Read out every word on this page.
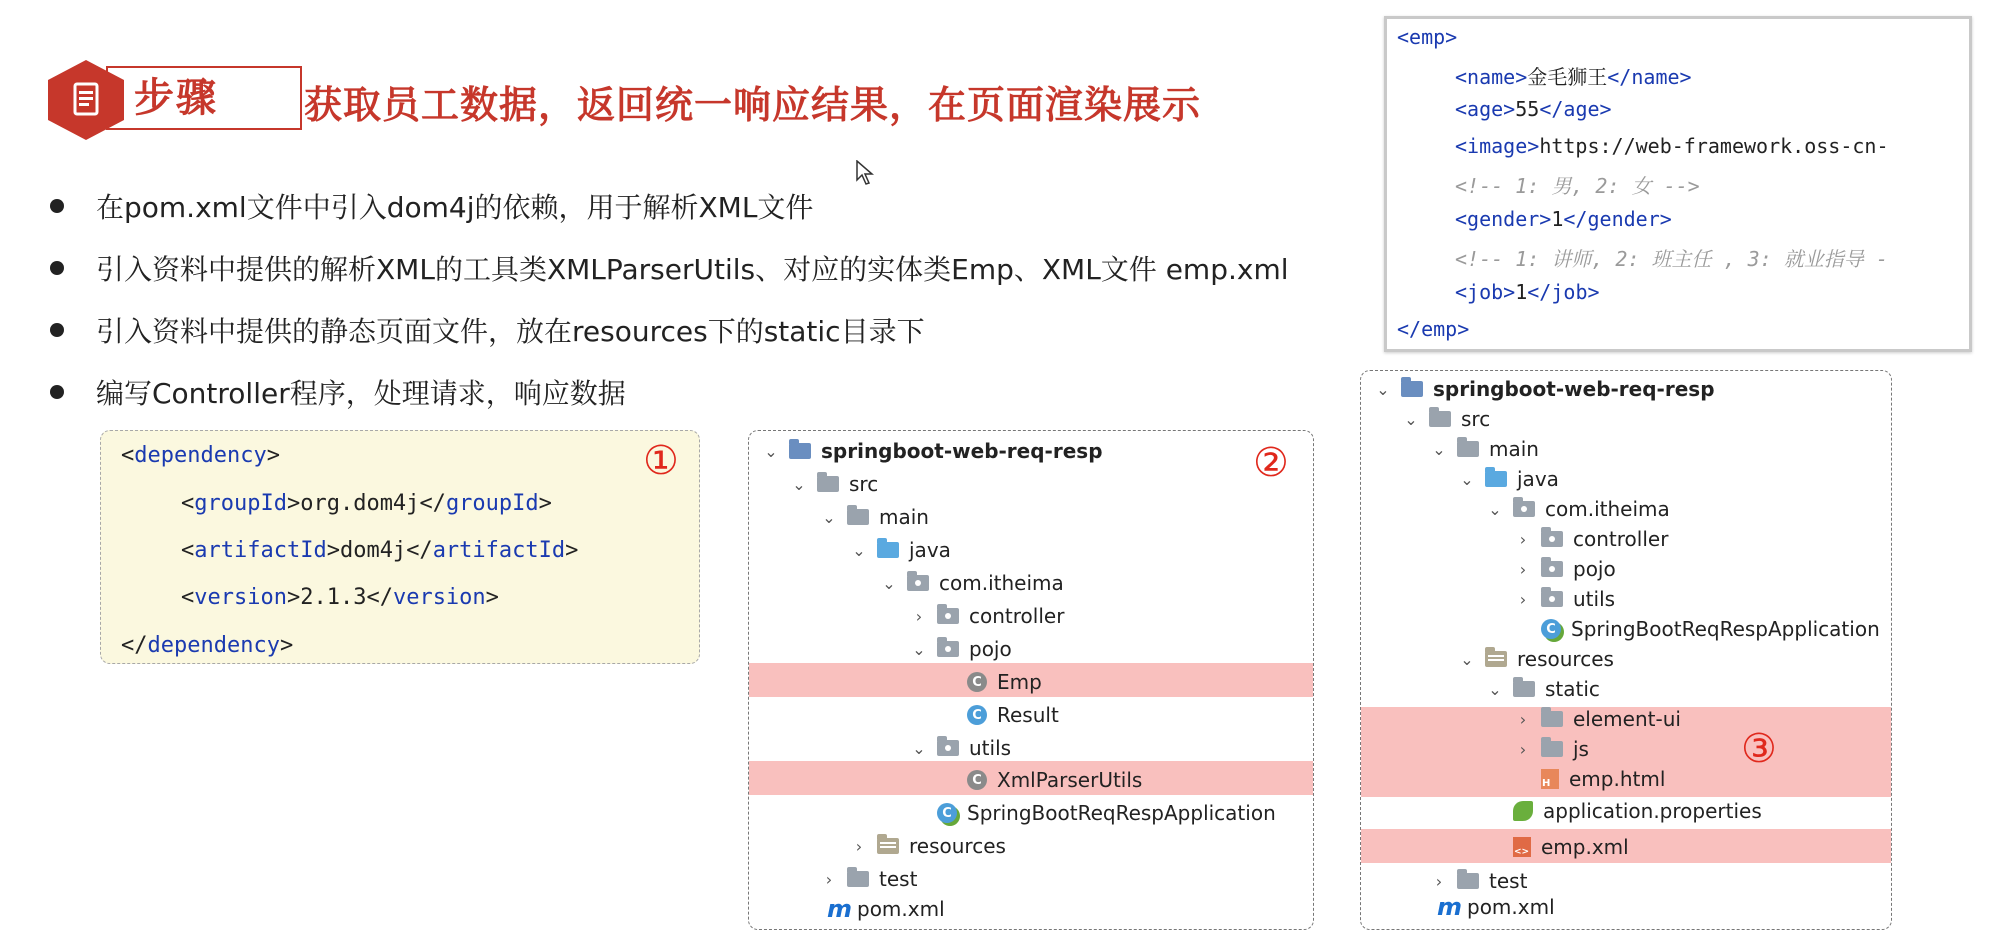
步骤 获取员工数据，返回统一响应结果，在页面渲染展示
在pom.xml文件中引入dom4j的依赖，用于解析XML文件
引入资料中提供的解析XML的工具类XMLParserUtils、对应的实体类Emp、XML文件 emp.xml
引入资料中提供的静态页面文件，放在resources下的static目录下
编写Controller程序，处理请求，响应数据
①
<dependency>
<groupId>org.dom4j</groupId>
<artifactId>dom4j</artifactId>
<version>2.1.3</version>
</dependency>
<emp>
<name>金毛狮王</name>
<age>55</age>
<image>https://web-framework.oss-cn-
<!-- 1: 男, 2: 女 -->
<gender>1</gender>
<!-- 1: 讲师, 2: 班主任 , 3: 就业指导 -
<job>1</job>
</emp>
②
⌄ springboot-web-req-resp
⌄ src
⌄ main
⌄ java
⌄ com.itheima
›	controller
⌄ pojo
C Emp
C Result
⌄ utils
C XmlParserUtils
C SpringBootReqRespApplication
›	resources
›	test
m pom.xml
③
⌄ springboot-web-req-resp
⌄ src
⌄ main
⌄ java
⌄ com.itheima
›	controller
›	pojo
›	utils
C SpringBootReqRespApplication
⌄ resources
⌄ static
›	element-ui
›	js
H
emp.html
application.properties
<>
emp.xml
›	test
m pom.xml
